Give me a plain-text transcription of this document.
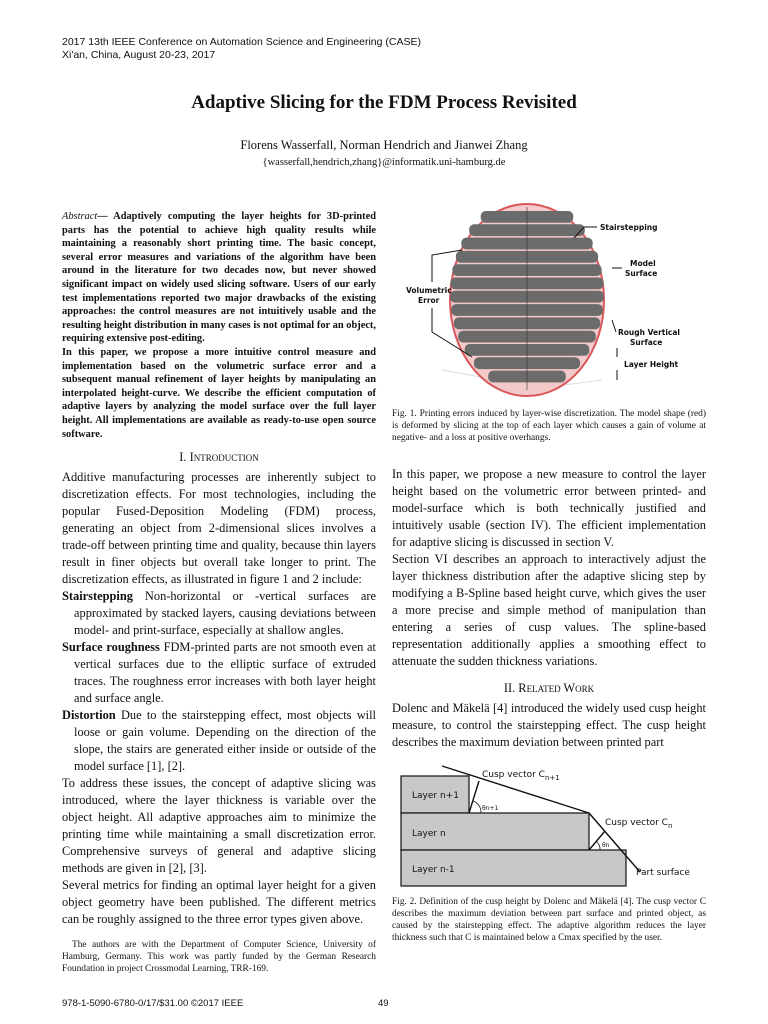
2017 13th IEEE Conference on Automation Science and Engineering (CASE)
Xi'an, China, August 20-23, 2017
Adaptive Slicing for the FDM Process Revisited
Florens Wasserfall, Norman Hendrich and Jianwei Zhang
{wasserfall,hendrich,zhang}@informatik.uni-hamburg.de

Abstract— Adaptively computing the layer heights for 3D-printed parts has the potential to achieve high quality results while maintaining a reasonably short printing time. The basic concept, several error measures and variations of the algorithm have been around in the literature for two decades now, but never showed significant impact on widely used slicing software. Users of our early test implementations reported two major drawbacks of the existing approaches: the control measures are not intuitively usable and the resulting height distribution in many cases is not optimal for an object, requiring extensive post-editing.

In this paper, we propose a more intuitive control measure and implementation based on the volumetric surface error and a subsequent manual refinement of layer heights by manipulating an interpolated height-curve. We describe the efficient computation of adaptive layers by analyzing the model surface over the full layer height. All implementations are available as ready-to-use open source software.

I. Introduction

Additive manufacturing processes are inherently subject to discretization effects. For most technologies, including the popular Fused-Deposition Modeling (FDM) process, generating an object from 2-dimensional slices involves a trade-off between printing time and quality, because thin layers result in finer objects but overall take longer to print. The discretization effects, as illustrated in figure 1 and 2 include:

Stairstepping Non-horizontal or -vertical surfaces are approximated by stacked layers, causing deviations between model- and print-surface, especially at shallow angles.

Surface roughness FDM-printed parts are not smooth even at vertical surfaces due to the elliptic surface of extruded traces. The roughness error increases with both layer height and surface angle.

Distortion Due to the stairstepping effect, most objects will loose or gain volume. Depending on the direction of the slope, the stairs are generated either inside or outside of the model surface [1], [2].

To address these issues, the concept of adaptive slicing was introduced, where the layer thickness is variable over the object height. All adaptive approaches aim to minimize the printing time while maintaining a small discretization error. Comprehensive surveys of general and adaptive slicing methods are given in [2], [3].

Several metrics for finding an optimal layer height for a given object geometry have been published. The different metrics can be roughly assigned to the three error types given above.

The authors are with the Department of Computer Science, University of Hamburg, Germany. This work was partly funded by the German Research Foundation in project Crossmodal Learning, TRR-169.
Stairstepping
Model
Surface
Volumetric
Error
Rough Vertical
Surface
Layer Height
Fig. 1. Printing errors induced by layer-wise discretization. The model shape (red) is deformed by slicing at the top of each layer which causes a gain of volume at negative- and a loss at positive overhangs.

In this paper, we propose a new measure to control the layer height based on the volumetric error between printed- and model-surface which is both technically justified and intuitively usable (section IV). The efficient implementation for adaptive slicing is discussed in section V.

Section VI describes an approach to interactively adjust the layer thickness distribution after the adaptive slicing step by modifying a B-Spline based height curve, which gives the user a more precise and simple method of manipulation than entering a series of cusp values. The spline-based representation additionally applies a smoothing effect to attenuate the sudden thickness variations.

II. Related Work

Dolenc and Mäkelä [4] introduced the widely used cusp height measure, to control the stairstepping effect. The cusp height describes the maximum deviation between printed part

Layer n+1
Layer n
Layer n-1
Cusp vector $C_{n+1}$
Cusp vector $C_n$
Part surface
θn+1
θn
Fig. 2. Definition of the cusp height by Dolenc and Mäkelä [4]. The cusp vector C describes the maximum deviation between part surface and printed object, as caused by the stairstepping effect. The adaptive algorithm reduces the layer thickness such that C is maintained below a Cmax specified by the user.
978-1-5090-6780-0/17/$31.00 ©2017 IEEE	49
